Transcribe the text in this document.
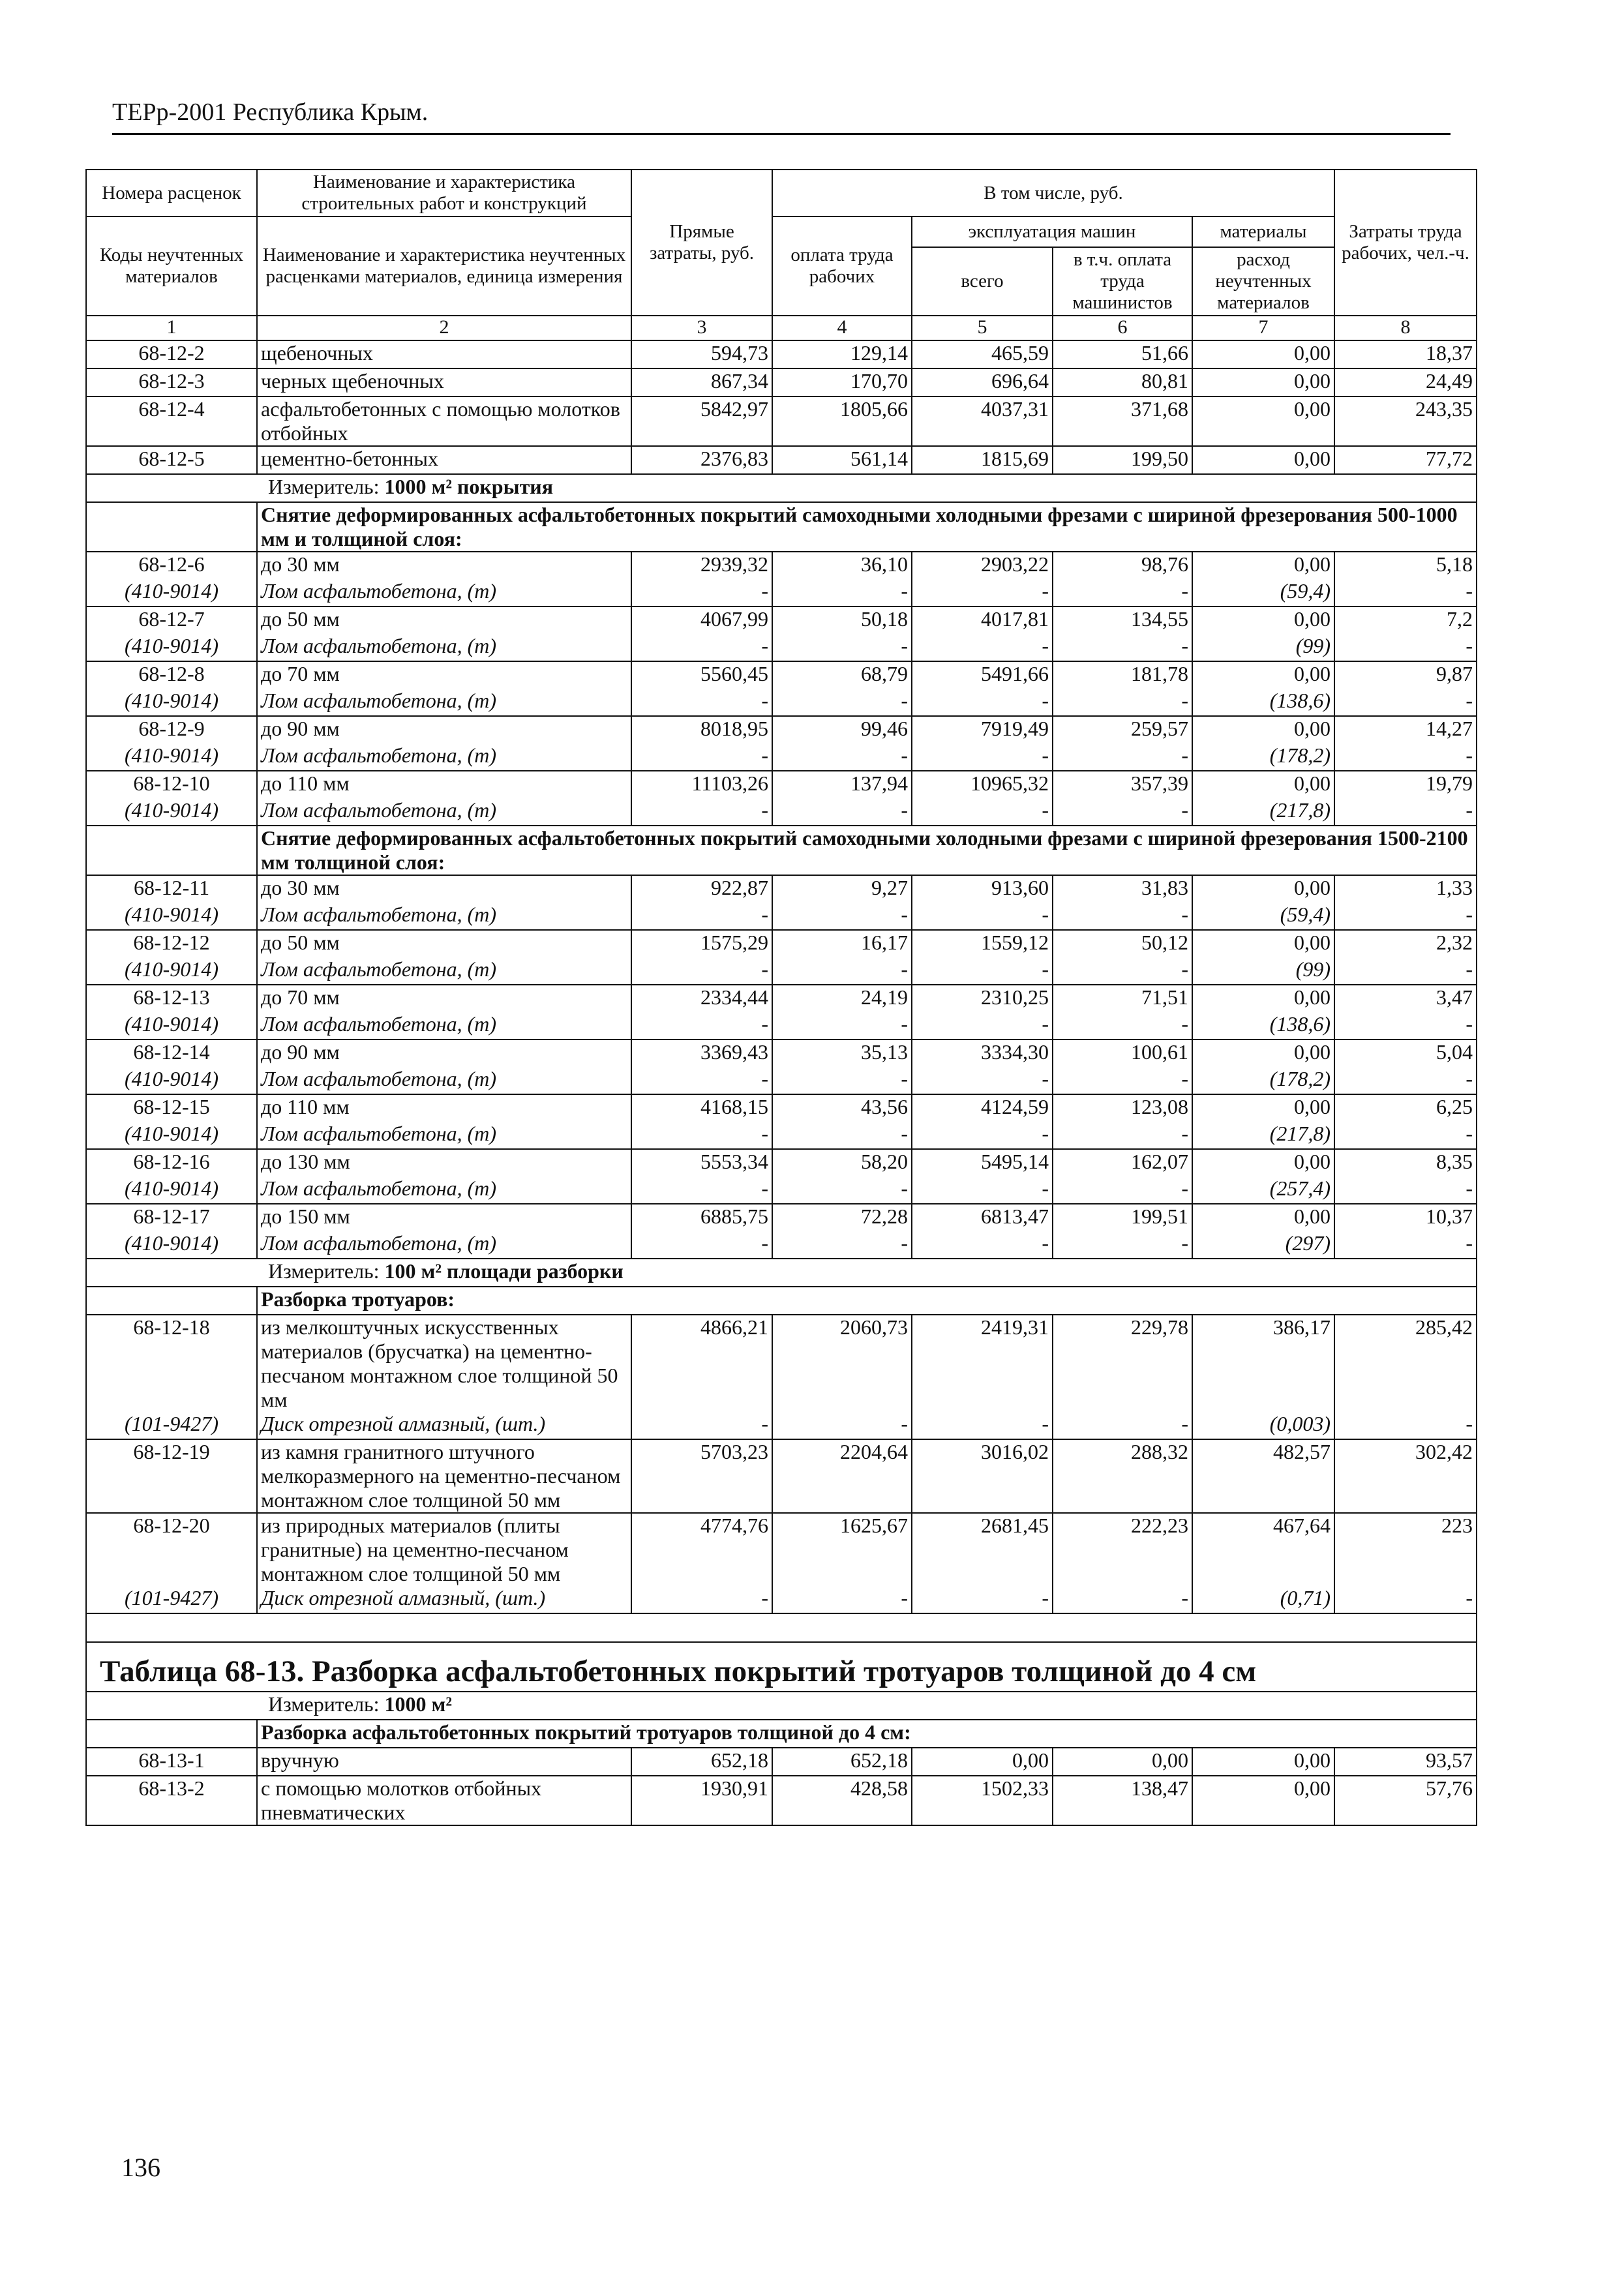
ТЕРр-2001 Республика Крым.
Номера расценок	Наименование и характеристика строительных работ и конструкций	Прямые затраты, руб.	В том числе, руб.				Затраты труда рабочих, чел.-ч.
Коды неучтенных материалов	Наименование и характеристика неучтенных расценками материалов, единица измерения		оплата труда рабочих	эксплуатация машин		материалы	
				всего	в т.ч. оплата труда машинистов	расход неучтенных материалов	
1	2	3	4	5	6	7	8
68-12-2	щебеночных	594,73	129,14	465,59	51,66	0,00	18,37
68-12-3	черных щебеночных	867,34	170,70	696,64	80,81	0,00	24,49
68-12-4	асфальтобетонных с помощью молотков отбойных	5842,97	1805,66	4037,31	371,68	0,00	243,35
68-12-5	цементно-бетонных	2376,83	561,14	1815,69	199,50	0,00	77,72
Измеритель: 1000 м² покрытия							
	Снятие деформированных асфальтобетонных покрытий самоходными холодными фрезами с шириной фрезерования 500-1000 мм и толщиной слоя:						
68-12-6	до 30 мм	2939,32	36,10	2903,22	98,76	0,00	5,18
(410-9014)	Лом асфальтобетона, (т)	-	-	-	-	(59,4)	-
68-12-7	до 50 мм	4067,99	50,18	4017,81	134,55	0,00	7,2
(410-9014)	Лом асфальтобетона, (т)	-	-	-	-	(99)	-
68-12-8	до 70 мм	5560,45	68,79	5491,66	181,78	0,00	9,87
(410-9014)	Лом асфальтобетона, (т)	-	-	-	-	(138,6)	-
68-12-9	до 90 мм	8018,95	99,46	7919,49	259,57	0,00	14,27
(410-9014)	Лом асфальтобетона, (т)	-	-	-	-	(178,2)	-
68-12-10	до 110 мм	11103,26	137,94	10965,32	357,39	0,00	19,79
(410-9014)	Лом асфальтобетона, (т)	-	-	-	-	(217,8)	-
	Снятие деформированных асфальтобетонных покрытий самоходными холодными фрезами с шириной фрезерования 1500-2100 мм толщиной слоя:						
68-12-11	до 30 мм	922,87	9,27	913,60	31,83	0,00	1,33
(410-9014)	Лом асфальтобетона, (т)	-	-	-	-	(59,4)	-
68-12-12	до 50 мм	1575,29	16,17	1559,12	50,12	0,00	2,32
(410-9014)	Лом асфальтобетона, (т)	-	-	-	-	(99)	-
68-12-13	до 70 мм	2334,44	24,19	2310,25	71,51	0,00	3,47
(410-9014)	Лом асфальтобетона, (т)	-	-	-	-	(138,6)	-
68-12-14	до 90 мм	3369,43	35,13	3334,30	100,61	0,00	5,04
(410-9014)	Лом асфальтобетона, (т)	-	-	-	-	(178,2)	-
68-12-15	до 110 мм	4168,15	43,56	4124,59	123,08	0,00	6,25
(410-9014)	Лом асфальтобетона, (т)	-	-	-	-	(217,8)	-
68-12-16	до 130 мм	5553,34	58,20	5495,14	162,07	0,00	8,35
(410-9014)	Лом асфальтобетона, (т)	-	-	-	-	(257,4)	-
68-12-17	до 150 мм	6885,75	72,28	6813,47	199,51	0,00	10,37
(410-9014)	Лом асфальтобетона, (т)	-	-	-	-	(297)	-
Измеритель: 100 м² площади разборки							
	Разборка тротуаров:						
68-12-18	из мелкоштучных искусственных материалов (брусчатка) на цементно-песчаном монтажном слое толщиной 50 мм	4866,21	2060,73	2419,31	229,78	386,17	285,42
(101-9427)	Диск отрезной алмазный, (шт.)	-	-	-	-	(0,003)	-
68-12-19	из камня гранитного штучного мелкоразмерного на цементно-песчаном монтажном слое толщиной 50 мм	5703,23	2204,64	3016,02	288,32	482,57	302,42
68-12-20	из природных материалов (плиты гранитные) на цементно-песчаном монтажном слое толщиной 50 мм	4774,76	1625,67	2681,45	222,23	467,64	223
(101-9427)	Диск отрезной алмазный, (шт.)	-	-	-	-	(0,71)	-

Таблица 68-13. Разборка асфальтобетонных покрытий тротуаров толщиной до 4 см							
Измеритель: 1000 м²							
	Разборка асфальтобетонных покрытий тротуаров толщиной до 4 см:						
68-13-1	вручную	652,18	652,18	0,00	0,00	0,00	93,57
68-13-2	с помощью молотков отбойных пневматических	1930,91	428,58	1502,33	138,47	0,00	57,76
136
